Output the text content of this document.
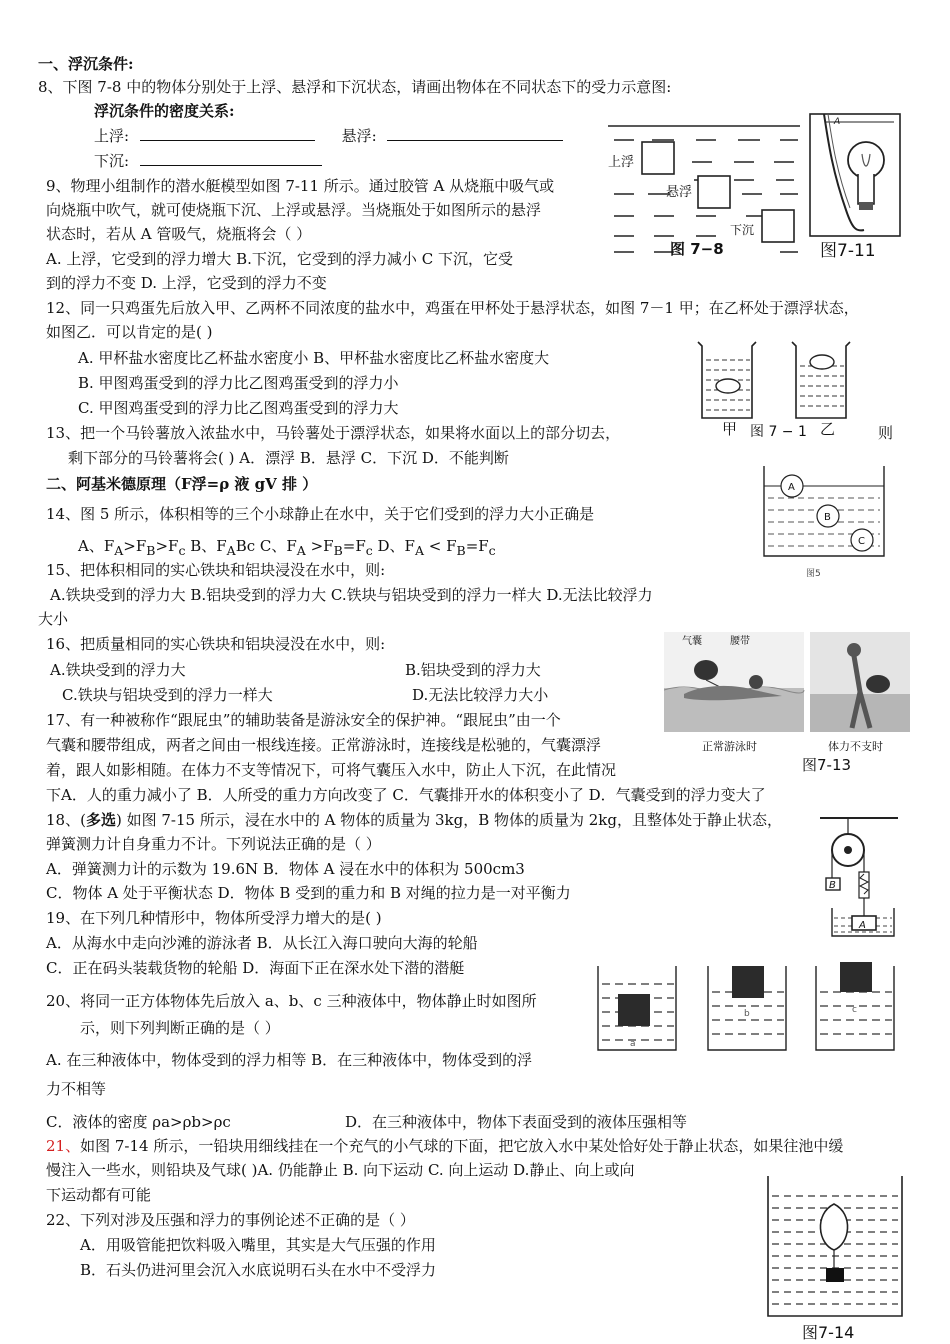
一、浮沉条件:
8、下图 7-8 中的物体分别处于上浮、悬浮和下沉状态，请画出物体在不同状态下的受力示意图:
浮沉条件的密度关系:
上浮:	悬浮:
下沉:
9、物理小组制作的潜水艇模型如图 7-11 所示。通过胶管 A 从烧瓶中吸气或
向烧瓶中吹气，就可使烧瓶下沉、上浮或悬浮。当烧瓶处于如图所示的悬浮
状态时，若从 A 管吸气，烧瓶将会（ ）
A. 上浮，它受到的浮力增大 B.下沉，它受到的浮力减小 C 下沉，它受
到的浮力不变 D. 上浮，它受到的浮力不变
12、同一只鸡蛋先后放入甲、乙两杯不同浓度的盐水中，鸡蛋在甲杯处于悬浮状态，如图 7－1 甲；在乙杯处于漂浮状态，
如图乙．可以肯定的是( )
A. 甲杯盐水密度比乙杯盐水密度小 B、甲杯盐水密度比乙杯盐水密度大
B. 甲图鸡蛋受到的浮力比乙图鸡蛋受到的浮力小
C. 甲图鸡蛋受到的浮力比乙图鸡蛋受到的浮力大
13、把一个马铃薯放入浓盐水中，马铃薯处于漂浮状态，如果将水面以上的部分切去，	则
剩下部分的马铃薯将会( ) A．漂浮 B．悬浮 C．下沉 D．不能判断
二、阿基米德原理（F浮=ρ 液 gV 排 ）
14、图 5 所示，体积相等的三个小球静止在水中，关于它们受到的浮力大小正确是
A、$F_A>F_B>F_c$ B、$F_ABc$ C、$F_A >F_B=F_c$ D、$F_A < F_B=F_c$
15、把体积相同的实心铁块和铝块浸没在水中，则:
A.铁块受到的浮力大 B.铝块受到的浮力大 C.铁块与铝块受到的浮力一样大 D.无法比较浮力
大小
16、把质量相同的实心铁块和铝块浸没在水中，则:
A.铁块受到的浮力大	B.铝块受到的浮力大
C.铁块与铝块受到的浮力一样大	D.无法比较浮力大小
17、有一种被称作“跟屁虫”的辅助装备是游泳安全的保护神。“跟屁虫”由一个
气囊和腰带组成，两者之间由一根线连接。正常游泳时，连接线是松驰的，气囊漂浮
着，跟人如影相随。在体力不支等情况下，可将气囊压入水中，防止人下沉，在此情况
下A．人的重力减小了 B．人所受的重力方向改变了 C．气囊排开水的体积变小了 D．气囊受到的浮力变大了
18、(多选) 如图 7-15 所示，浸在水中的 A 物体的质量为 3kg，B 物体的质量为 2kg，且整体处于静止状态，
弹簧测力计自身重力不计。下列说法正确的是（ ）
A．弹簧测力计的示数为 19.6N B．物体 A 浸在水中的体积为 500cm3
C．物体 A 处于平衡状态 D．物体 B 受到的重力和 B 对绳的拉力是一对平衡力
19、在下列几种情形中，物体所受浮力增大的是( )
A．从海水中走向沙滩的游泳者 B．从长江入海口驶向大海的轮船
C．正在码头装载货物的轮船 D．海面下正在深水处下潜的潜艇
20、将同一正方体物体先后放入 a、b、c 三种液体中，物体静止时如图所
示，则下列判断正确的是（ ）
A. 在三种液体中，物体受到的浮力相等 B．在三种液体中，物体受到的浮
力不相等
C．液体的密度 ρa>ρb>ρc	D．在三种液体中，物体下表面受到的液体压强相等
21、如图 7-14 所示，一铅块用细线挂在一个充气的小气球的下面，把它放入水中某处恰好处于静止状态，如果往池中缓
慢注入一些水，则铅块及气球( )A. 仍能静止 B. 向下运动 C. 向上运动 D.静止、向上或向
下运动都有可能
22、下列对涉及压强和浮力的事例论述不正确的是（ ）
A．用吸管能把饮料吸入嘴里，其实是大气压强的作用
B．石头仍进河里会沉入水底说明石头在水中不受浮力
上浮
悬浮
下沉
图 7−8
A
图7-11
甲 图 7 − 1 乙
A
B
C
图5
气囊	腰带
正常游泳时	体力不支时
图7-13
B
A
a
b	c
图7-14
